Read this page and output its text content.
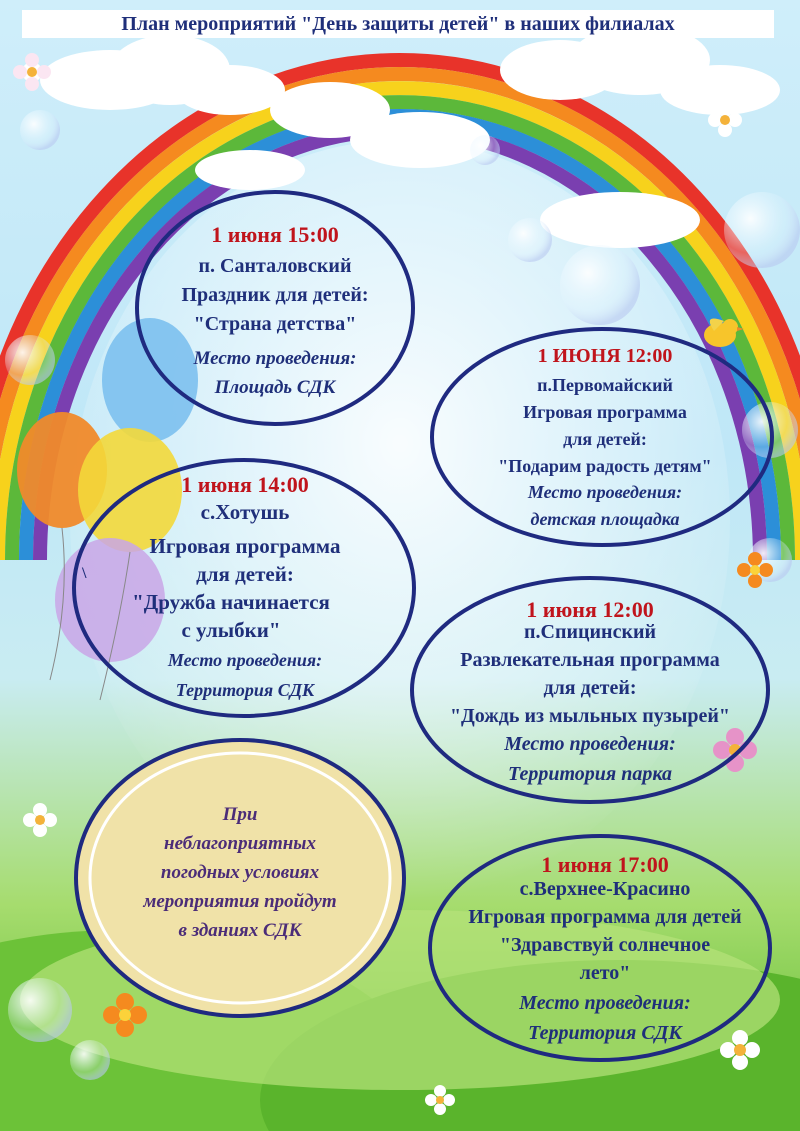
План мероприятий "День защиты детей" в наших филиалах
1 июня 15:00
п. Санталовский
Праздник для детей:
"Страна детства"
Место проведения:
Площадь СДК
1 ИЮНЯ 12:00
п.Первомайский
Игровая программа
для детей:
"Подарим радость детям"
Место проведения:
детская площадка
1 июня 14:00
с.Хотушь
Игровая программа
для детей:
"Дружба начинается
с улыбки"
Место проведения:
Территория СДК
\
1 июня 12:00
п.Спицинский
Развлекательная программа
для детей:
"Дождь из мыльных пузырей"
Место проведения:
Территория парка
При
неблагоприятных
погодных условиях
мероприятия пройдут
в зданиях СДК
1 июня 17:00
с.Верхнее-Красино
Игровая программа для детей
"Здравствуй солнечное
лето"
Место проведения:
Территория СДК
